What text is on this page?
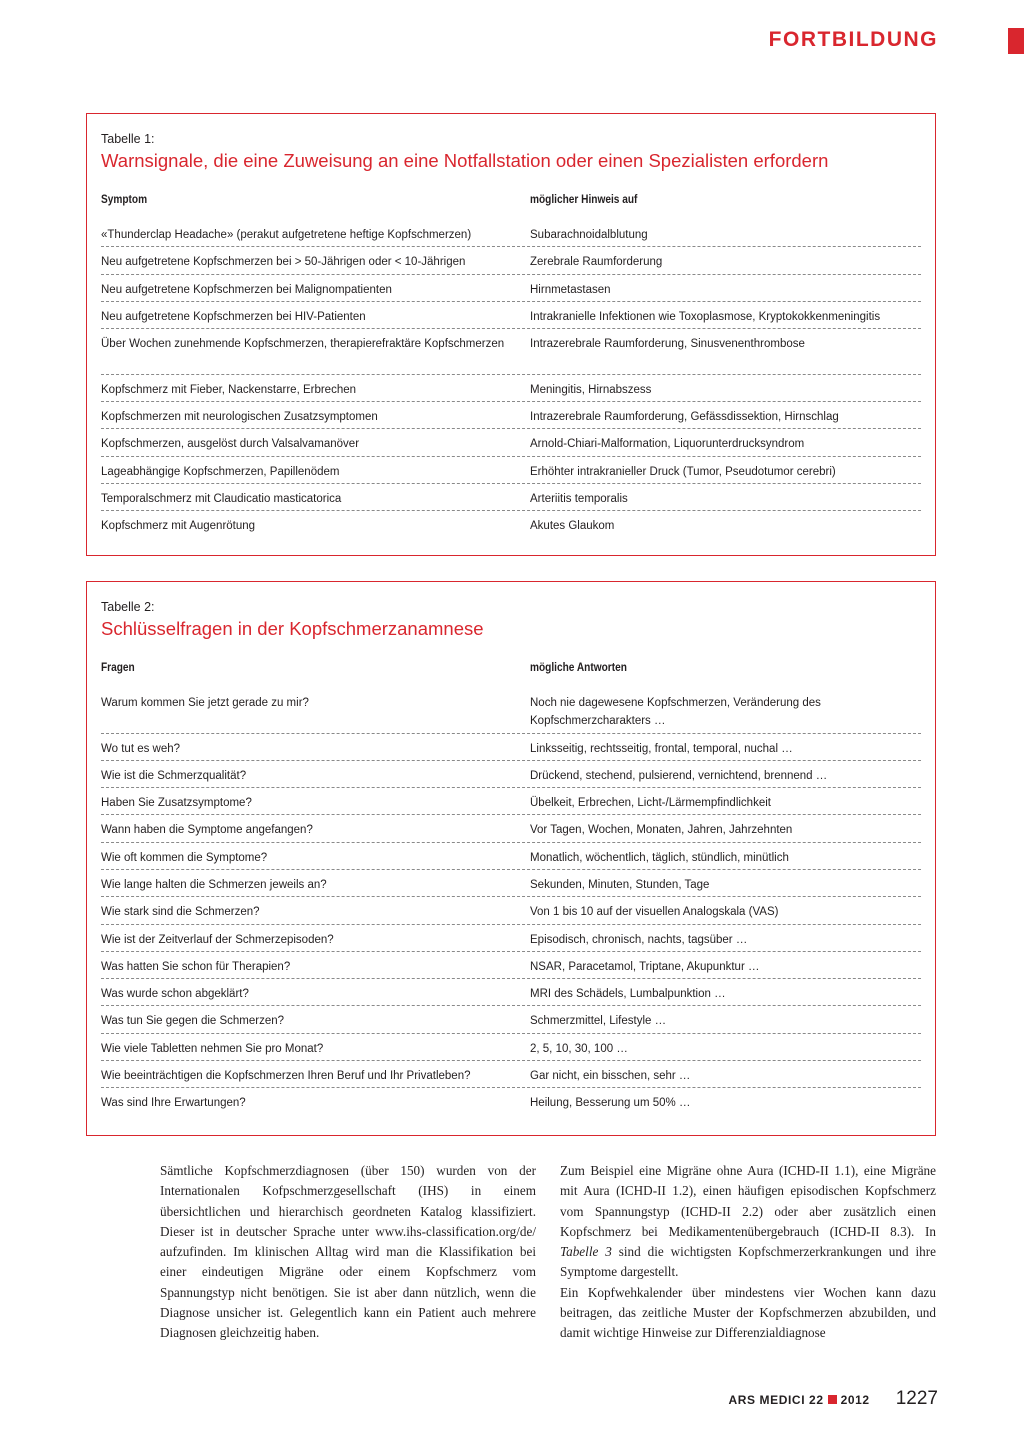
FORTBILDUNG
Tabelle 1:
Warnsignale, die eine Zuweisung an eine Notfallstation oder einen Spezialisten erfordern
Symptom	möglicher Hinweis auf
«Thunderclap Headache» (perakut aufgetretene heftige Kopfschmerzen)	Subarachnoidalblutung
Neu aufgetretene Kopfschmerzen bei > 50-Jährigen oder < 10-Jährigen	Zerebrale Raumforderung
Neu aufgetretene Kopfschmerzen bei Malignompatienten	Hirnmetastasen
Neu aufgetretene Kopfschmerzen bei HIV-Patienten	Intrakranielle Infektionen wie Toxoplasmose, Kryptokokkenmeningitis
Über Wochen zunehmende Kopfschmerzen, therapierefraktäre Kopfschmerzen	Intrazerebrale Raumforderung, Sinusvenenthrombose
Kopfschmerz mit Fieber, Nackenstarre, Erbrechen	Meningitis, Hirnabszess
Kopfschmerzen mit neurologischen Zusatzsymptomen	Intrazerebrale Raumforderung, Gefässdissektion, Hirnschlag
Kopfschmerzen, ausgelöst durch Valsalvamanöver	Arnold-Chiari-Malformation, Liquorunterdrucksyndrom
Lageabhängige Kopfschmerzen, Papillenödem	Erhöhter intrakranieller Druck (Tumor, Pseudotumor cerebri)
Temporalschmerz mit Claudicatio masticatorica	Arteriitis temporalis
Kopfschmerz mit Augenrötung	Akutes Glaukom
Tabelle 2:
Schlüsselfragen in der Kopfschmerzanamnese
Fragen	mögliche Antworten
Warum kommen Sie jetzt gerade zu mir?	Noch nie dagewesene Kopfschmerzen, Veränderung des Kopfschmerzcharakters …
Wo tut es weh?	Linksseitig, rechtsseitig, frontal, temporal, nuchal …
Wie ist die Schmerzqualität?	Drückend, stechend, pulsierend, vernichtend, brennend …
Haben Sie Zusatzsymptome?	Übelkeit, Erbrechen, Licht-/Lärmempfindlichkeit
Wann haben die Symptome angefangen?	Vor Tagen, Wochen, Monaten, Jahren, Jahrzehnten
Wie oft kommen die Symptome?	Monatlich, wöchentlich, täglich, stündlich, minütlich
Wie lange halten die Schmerzen jeweils an?	Sekunden, Minuten, Stunden, Tage
Wie stark sind die Schmerzen?	Von 1 bis 10 auf der visuellen Analogskala (VAS)
Wie ist der Zeitverlauf der Schmerzepisoden?	Episodisch, chronisch, nachts, tagsüber …
Was hatten Sie schon für Therapien?	NSAR, Paracetamol, Triptane, Akupunktur …
Was wurde schon abgeklärt?	MRI des Schädels, Lumbalpunktion …
Was tun Sie gegen die Schmerzen?	Schmerzmittel, Lifestyle …
Wie viele Tabletten nehmen Sie pro Monat?	2, 5, 10, 30, 100 …
Wie beeinträchtigen die Kopfschmerzen Ihren Beruf und Ihr Privatleben?	Gar nicht, ein bisschen, sehr …
Was sind Ihre Erwartungen?	Heilung, Besserung um 50% …

Sämtliche Kopfschmerzdiagnosen (über 150) wurden von der Internationalen Kofpschmerzgesellschaft (IHS) in einem übersichtlichen und hierarchisch geordneten Katalog klassifiziert. Dieser ist in deutscher Sprache unter www.ihs-classification.org/de/ aufzufinden. Im klinischen Alltag wird man die Klassifikation bei einer eindeutigen Migräne oder einem Kopfschmerz vom Spannungstyp nicht benötigen. Sie ist aber dann nützlich, wenn die Diagnose unsicher ist. Gelegentlich kann ein Patient auch mehrere Diagnosen gleichzeitig haben.

Zum Beispiel eine Migräne ohne Aura (ICHD-II 1.1), eine Migräne mit Aura (ICHD-II 1.2), einen häufigen episodischen Kopfschmerz vom Spannungstyp (ICHD-II 2.2) oder aber zusätzlich einen Kopfschmerz bei Medikamentenübergebrauch (ICHD-II 8.3). In Tabelle 3 sind die wichtigsten Kopfschmerzerkrankungen und ihre Symptome dargestellt.

Ein Kopfwehkalender über mindestens vier Wochen kann dazu beitragen, das zeitliche Muster der Kopfschmerzen abzubilden, und damit wichtige Hinweise zur Differenzialdiagnose

ARS MEDICI 22 2012 1227
